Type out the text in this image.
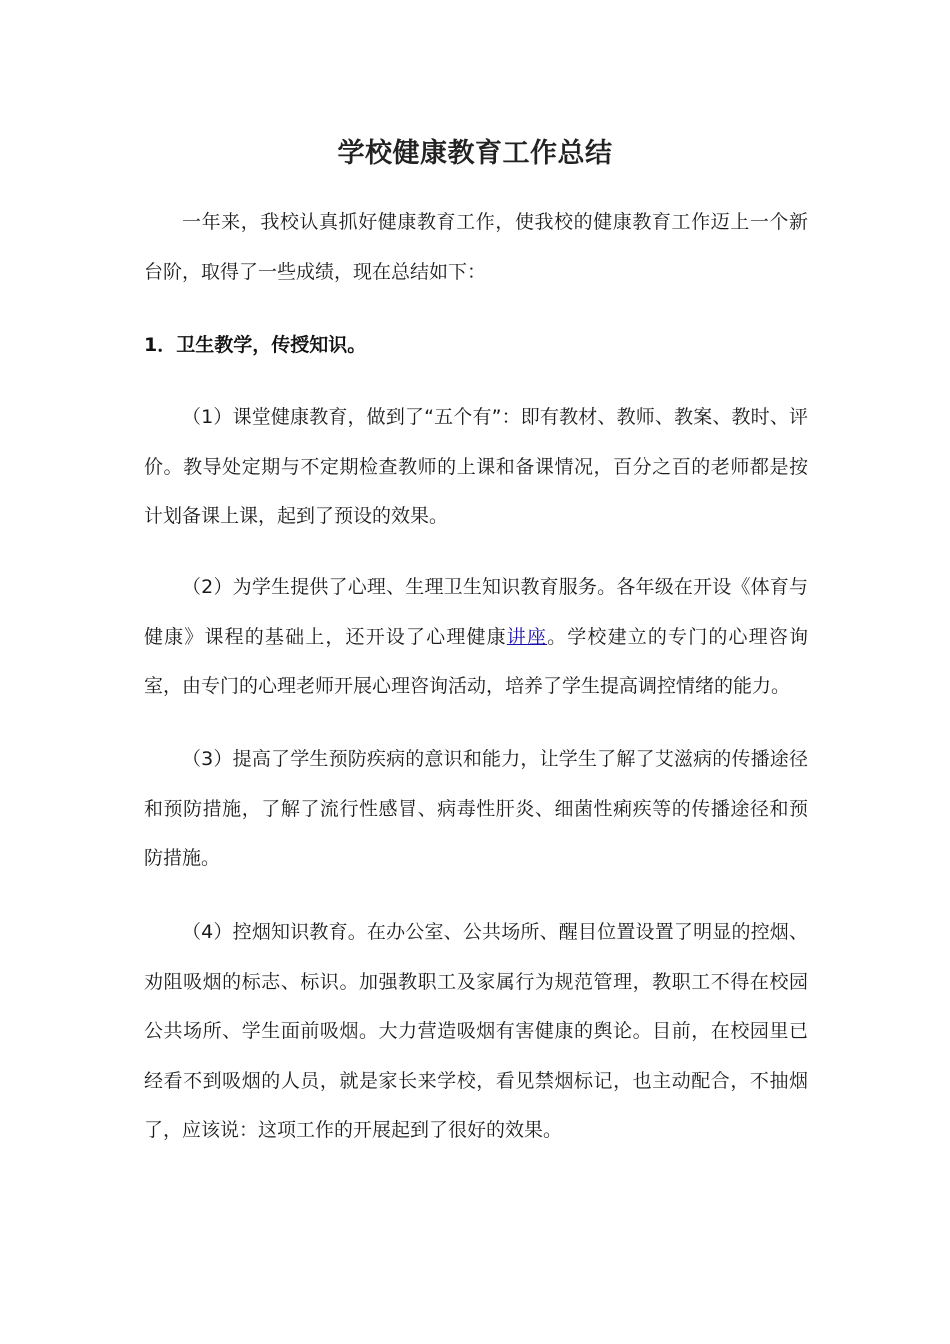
学校健康教育工作总结
一年来，我校认真抓好健康教育工作，使我校的健康教育工作迈上一个新台阶，取得了一些成绩，现在总结如下：
1．卫生教学，传授知识。
（1）课堂健康教育，做到了“五个有”：即有教材、教师、教案、教时、评价。教导处定期与不定期检查教师的上课和备课情况，百分之百的老师都是按计划备课上课，起到了预设的效果。
（2）为学生提供了心理、生理卫生知识教育服务。各年级在开设《体育与健康》课程的基础上，还开设了心理健康讲座。学校建立的专门的心理咨询室，由专门的心理老师开展心理咨询活动，培养了学生提高调控情绪的能力。
（3）提高了学生预防疾病的意识和能力，让学生了解了艾滋病的传播途径和预防措施，了解了流行性感冒、病毒性肝炎、细菌性痢疾等的传播途径和预防措施。
（4）控烟知识教育。在办公室、公共场所、醒目位置设置了明显的控烟、劝阻吸烟的标志、标识。加强教职工及家属行为规范管理，教职工不得在校园公共场所、学生面前吸烟。大力营造吸烟有害健康的舆论。目前，在校园里已经看不到吸烟的人员，就是家长来学校，看见禁烟标记，也主动配合，不抽烟了，应该说：这项工作的开展起到了很好的效果。
